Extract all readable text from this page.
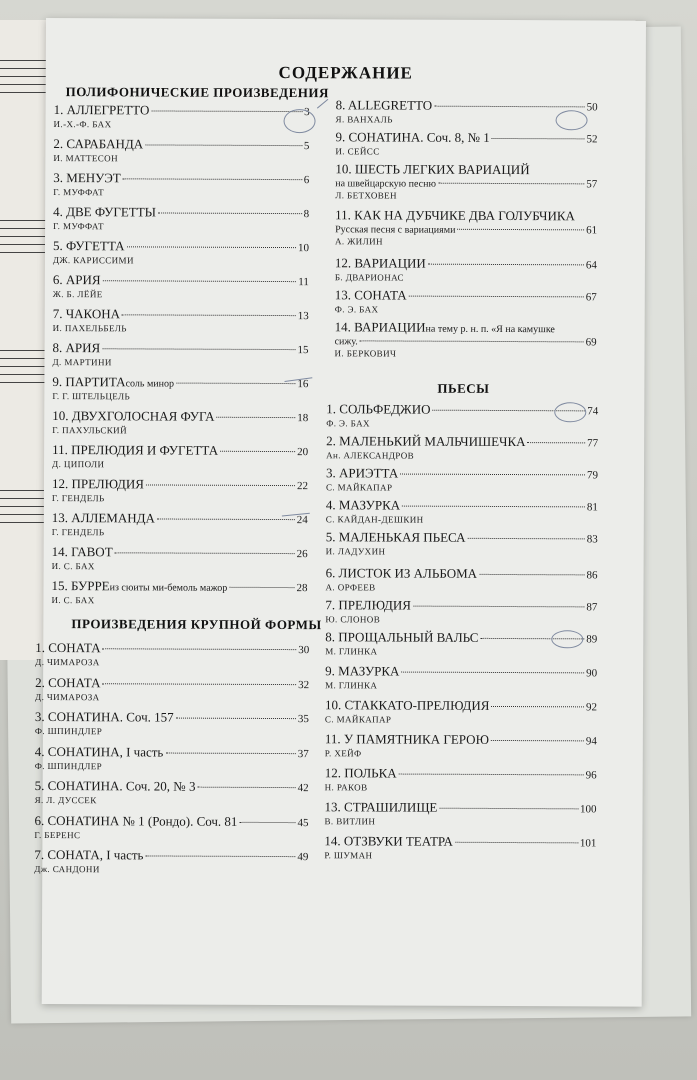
СОДЕРЖАНИЕ
ПОЛИФОНИЧЕСКИЕ ПРОИЗВЕДЕНИЯ
ПРОИЗВЕДЕНИЯ КРУПНОЙ ФОРМЫ
ПЬЕСЫ
1. АЛЛЕГРЕТТО	3
И.-Х.-Ф. БАХ
2. САРАБАНДА	5
И. МАТТЕСОН
3. МЕНУЭТ	6
Г. МУФФАТ
4. ДВЕ ФУГЕТТЫ	8
Г. МУФФАТ
5. ФУГЕТТА	10
ДЖ. КАРИССИМИ
6. АРИЯ	11
Ж. Б. ЛЁЙЕ
7. ЧАКОНА	13
И. ПАХЕЛЬБЕЛЬ
8. АРИЯ	15
Д. МАРТИНИ
9. ПАРТИТА соль минор	16
Г. Г. ШТЕЛЬЦЕЛЬ
10. ДВУХГОЛОСНАЯ ФУГА	18
Г. ПАХУЛЬСКИЙ
11. ПРЕЛЮДИЯ И ФУГЕТТА	20
Д. ЦИПОЛИ
12. ПРЕЛЮДИЯ	22
Г. ГЕНДЕЛЬ
13. АЛЛЕМАНДА	24
Г. ГЕНДЕЛЬ
14. ГАВОТ	26
И. С. БАХ
15. БУРРЕ из сюиты ми-бемоль мажор	28
И. С. БАХ
1. СОНАТА	30
Д. ЧИМАРОЗА
2. СОНАТА	32
Д. ЧИМАРОЗА
3. СОНАТИНА. Соч. 157	35
Ф. ШПИНДЛЕР
4. СОНАТИНА, I часть	37
Ф. ШПИНДЛЕР
5. СОНАТИНА. Соч. 20, № 3	42
Я. Л. ДУССЕК
6. СОНАТИНА № 1 (Рондо). Соч. 81	45
Г. БЕРЕНС
7. СОНАТА, I часть	49
Дж. САНДОНИ
8. ALLEGRETTO	50
Я. ВАНХАЛЬ
9. СОНАТИНА. Соч. 8, № 1	52
И. СЕЙСС
10. ШЕСТЬ ЛЕГКИХ ВАРИАЦИЙ
на швейцарскую песню	57
Л. БЕТХОВЕН
11. КАК НА ДУБЧИКЕ ДВА ГОЛУБЧИКА
Русская песня с вариациями	61
А. ЖИЛИН
12. ВАРИАЦИИ	64
Б. ДВАРИОНАС
13. СОНАТА	67
Ф. Э. БАХ
14. ВАРИАЦИИ на тему р. н. п. «Я на камушке
сижу.	69
И. БЕРКОВИЧ
1. СОЛЬФЕДЖИО	74
Ф. Э. БАХ
2. МАЛЕНЬКИЙ МАЛЬЧИШЕЧКА	77
Ан. АЛЕКСАНДРОВ
3. АРИЭТТА	79
С. МАЙКАПАР
4. МАЗУРКА	81
С. КАЙДАН-ДЕШКИН
5. МАЛЕНЬКАЯ ПЬЕСА	83
И. ЛАДУХИН
6. ЛИСТОК ИЗ АЛЬБОМА	86
А. ОРФЕЕВ
7. ПРЕЛЮДИЯ	87
Ю. СЛОНОВ
8. ПРОЩАЛЬНЫЙ ВАЛЬС	89
М. ГЛИНКА
9. МАЗУРКА	90
М. ГЛИНКА
10. СТАККАТО-ПРЕЛЮДИЯ	92
С. МАЙКАПАР
11. У ПАМЯТНИКА ГЕРОЮ	94
Р. ХЕЙФ
12. ПОЛЬКА	96
Н. РАКОВ
13. СТРАШИЛИЩЕ	100
В. ВИТЛИН
14. ОТЗВУКИ ТЕАТРА	101
Р. ШУМАН
